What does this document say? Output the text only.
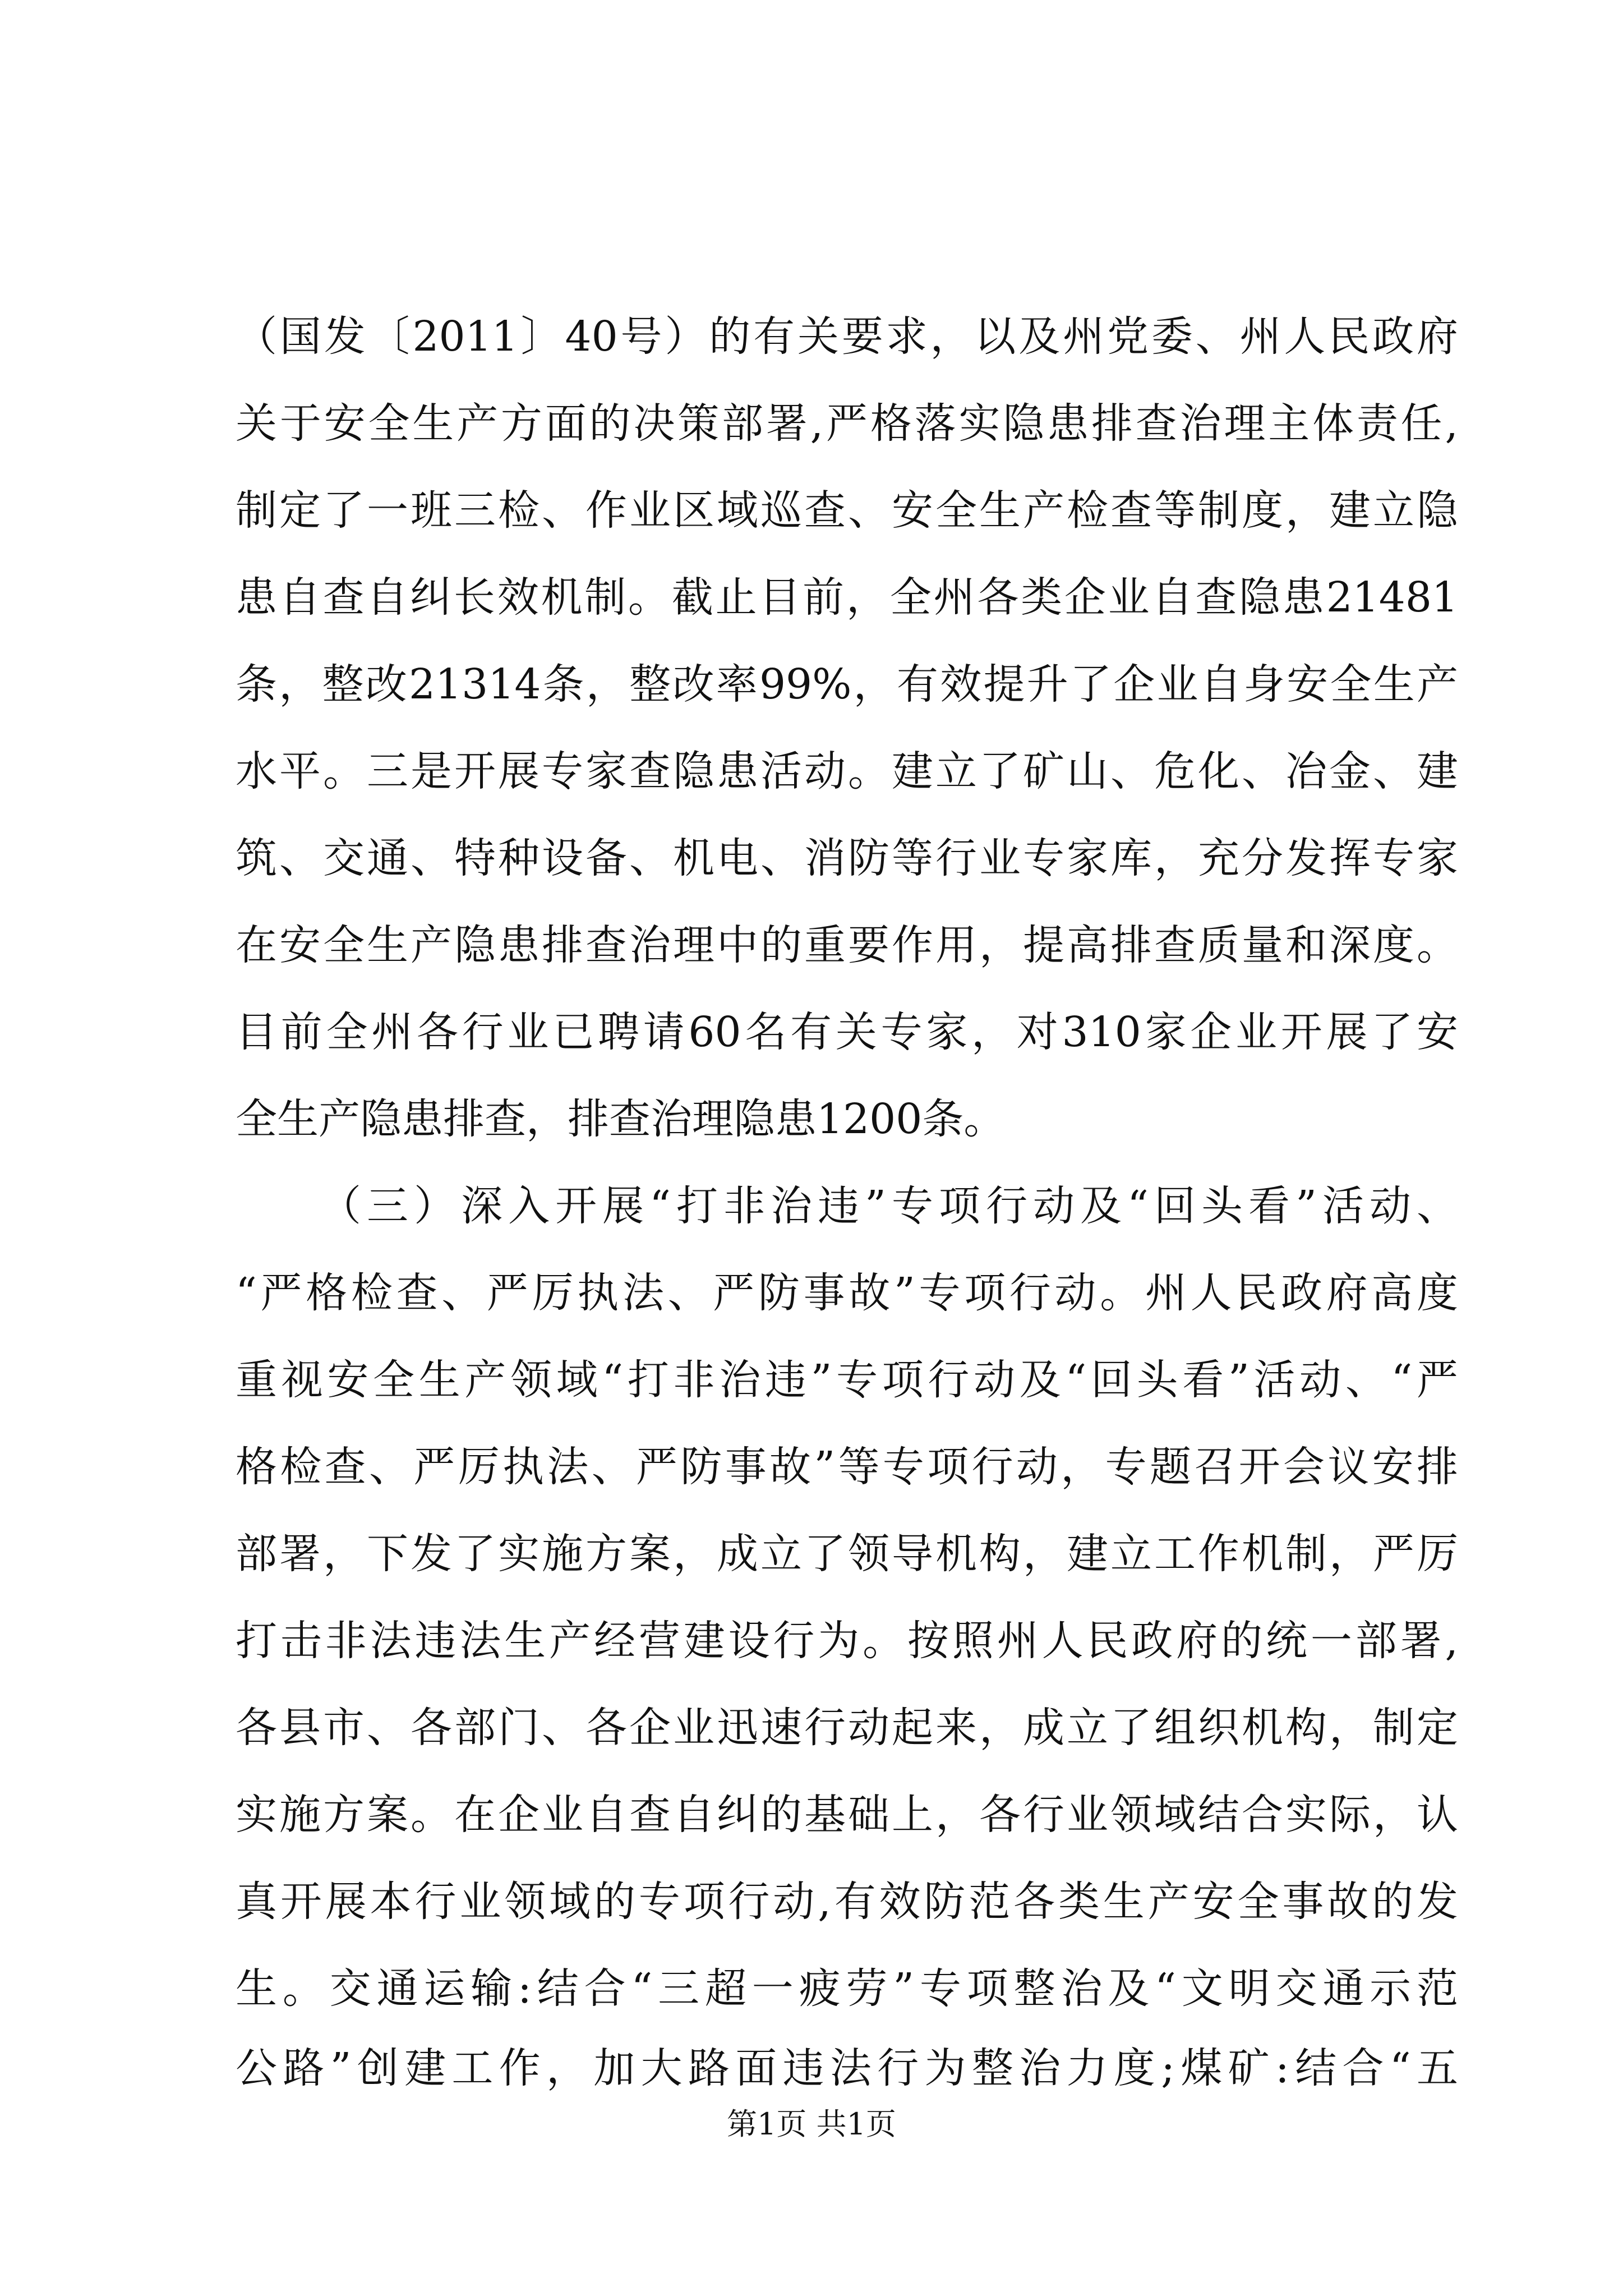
（国发〔2011〕40号）的有关要求，以及州党委、州人民政府
关于安全生产方面的决策部署,严格落实隐患排查治理主体责任,
制定了一班三检、作业区域巡查、安全生产检查等制度，建立隐
患自查自纠长效机制。截止目前，全州各类企业自查隐患21481
条，整改21314条，整改率99%，有效提升了企业自身安全生产
水平。三是开展专家查隐患活动。建立了矿山、危化、冶金、建
筑、交通、特种设备、机电、消防等行业专家库，充分发挥专家
在安全生产隐患排查治理中的重要作用，提高排查质量和深度。
目前全州各行业已聘请60名有关专家，对310家企业开展了安
全生产隐患排查，排查治理隐患1200条。
（三）深入开展“打非治违”专项行动及“回头看”活动、
“严格检查、严厉执法、严防事故”专项行动。州人民政府高度
重视安全生产领域“打非治违”专项行动及“回头看”活动、“严
格检查、严厉执法、严防事故”等专项行动，专题召开会议安排
部署，下发了实施方案，成立了领导机构，建立工作机制，严厉
打击非法违法生产经营建设行为。按照州人民政府的统一部署,
各县市、各部门、各企业迅速行动起来，成立了组织机构，制定
实施方案。在企业自查自纠的基础上，各行业领域结合实际，认
真开展本行业领域的专项行动,有效防范各类生产安全事故的发
生。交通运输:结合“三超一疲劳”专项整治及“文明交通示范
公路”创建工作，加大路面违法行为整治力度;煤矿:结合“五
第1页 共1页
